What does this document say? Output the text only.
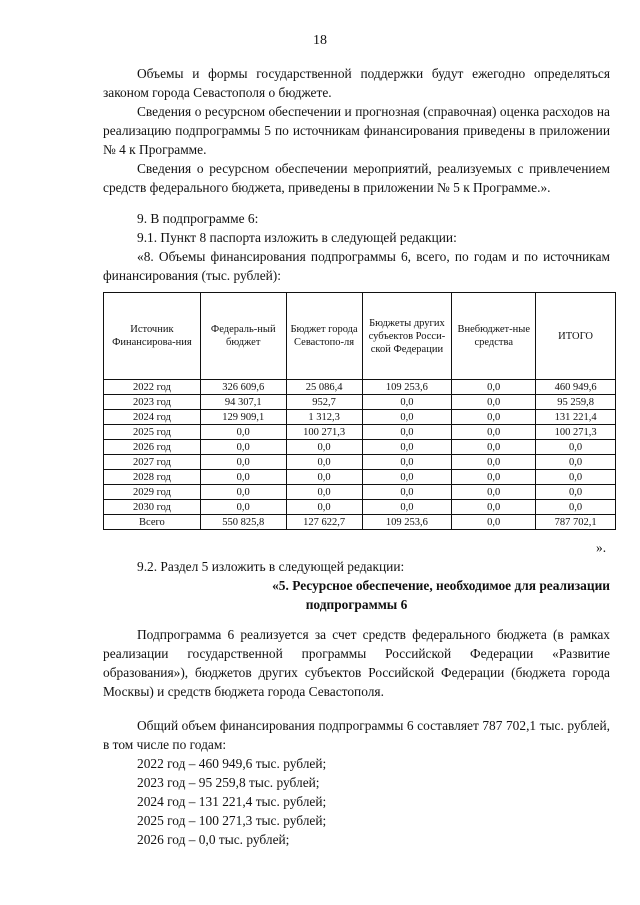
18
Объемы и формы государственной поддержки будут ежегодно определяться законом города Севастополя о бюджете.
Сведения о ресурсном обеспечении и прогнозная (справочная) оценка расходов на реализацию подпрограммы 5 по источникам финансирования приведены в приложении № 4 к Программе.
Сведения о ресурсном обеспечении мероприятий, реализуемых с привлечением средств федерального бюджета, приведены в приложении № 5 к Программе.».
9. В подпрограмме 6:
9.1. Пункт 8 паспорта изложить в следующей редакции:
«8. Объемы финансирования подпрограммы 6, всего, по годам и по источникам финансирования (тыс. рублей):
Источник Финансирова-ния	Федераль-ный бюджет	Бюджет города Севастопо-ля	Бюджеты других субъектов Росси-ской Федерации	Внебюджет-ные средства	ИТОГО
2022 год	326 609,6	25 086,4	109 253,6	0,0	460 949,6
2023 год	94 307,1	952,7	0,0	0,0	95 259,8
2024 год	129 909,1	1 312,3	0,0	0,0	131 221,4
2025 год	0,0	100 271,3	0,0	0,0	100 271,3
2026 год	0,0	0,0	0,0	0,0	0,0
2027 год	0,0	0,0	0,0	0,0	0,0
2028 год	0,0	0,0	0,0	0,0	0,0
2029 год	0,0	0,0	0,0	0,0	0,0
2030 год	0,0	0,0	0,0	0,0	0,0
Всего	550 825,8	127 622,7	109 253,6	0,0	787 702,1
».
9.2. Раздел 5 изложить в следующей редакции:
«5. Ресурсное обеспечение, необходимое для реализации
подпрограммы 6
Подпрограмма 6 реализуется за счет средств федерального бюджета (в рамках реализации государственной программы Российской Федерации «Развитие образования»), бюджетов других субъектов Российской Федерации (бюджета города Москвы) и средств бюджета города Севастополя.
Общий объем финансирования подпрограммы 6 составляет 787 702,1 тыс. рублей, в том числе по годам:
2022 год – 460 949,6 тыс. рублей;
2023 год – 95 259,8 тыс. рублей;
2024 год – 131 221,4 тыс. рублей;
2025 год – 100 271,3 тыс. рублей;
2026 год – 0,0 тыс. рублей;
